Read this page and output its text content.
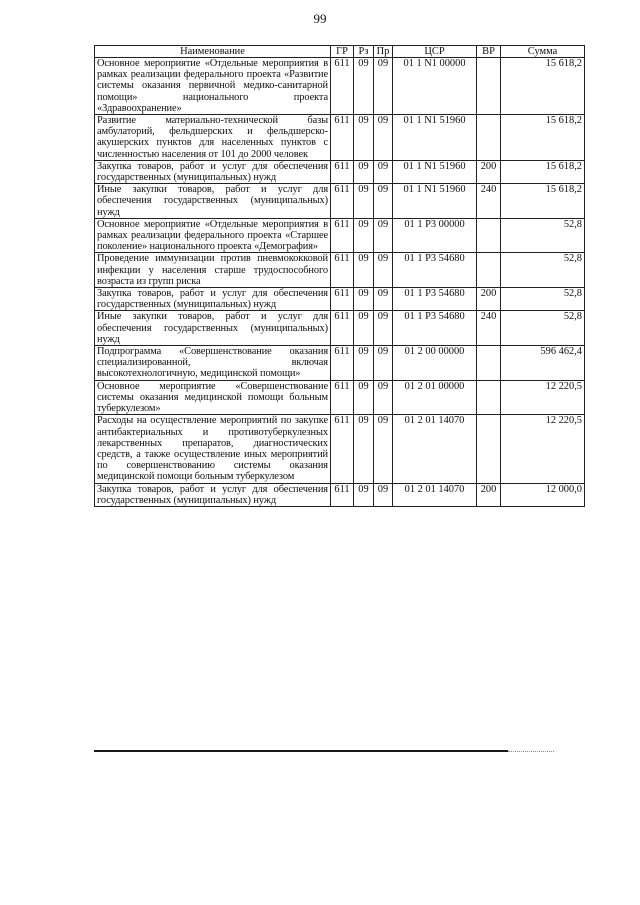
99
Наименование	ГР	Рз	Пр	ЦСР	ВР	Сумма
Основное мероприятие «Отдельные мероприятия в рамках реализации федерального проекта «Развитие системы оказания первичной медико-санитарной помощи» национального проекта «Здравоохранение»	611	09	09	01 1 N1 00000		15 618,2
Развитие материально-технической базы амбулаторий, фельдшерских и фельдшерско-акушерских пунктов для населенных пунктов с численностью населения от 101 до 2000 человек	611	09	09	01 1 N1 51960		15 618,2
Закупка товаров, работ и услуг для обеспечения государственных (муниципальных) нужд	611	09	09	01 1 N1 51960	200	15 618,2
Иные закупки товаров, работ и услуг для обеспечения государственных (муниципальных) нужд	611	09	09	01 1 N1 51960	240	15 618,2
Основное мероприятие «Отдельные мероприятия в рамках реализации федерального проекта «Старшее поколение» национального проекта «Демография»	611	09	09	01 1 P3 00000		52,8
Проведение иммунизации против пневмококковой инфекции у населения старше трудоспособного возраста из групп риска	611	09	09	01 1 P3 54680		52,8
Закупка товаров, работ и услуг для обеспечения государственных (муниципальных) нужд	611	09	09	01 1 P3 54680	200	52,8
Иные закупки товаров, работ и услуг для обеспечения государственных (муниципальных) нужд	611	09	09	01 1 P3 54680	240	52,8
Подпрограмма «Совершенствование оказания специализированной, включая высокотехнологичную, медицинской помощи»	611	09	09	01 2 00 00000		596 462,4
Основное мероприятие «Совершенствование системы оказания медицинской помощи больным туберкулезом»	611	09	09	01 2 01 00000		12 220,5
Расходы на осуществление мероприятий по закупке антибактериальных и противотуберкулезных лекарственных препаратов, диагностических средств, а также осуществление иных мероприятий по совершенствованию системы оказания медицинской помощи больным туберкулезом	611	09	09	01 2 01 14070		12 220,5
Закупка товаров, работ и услуг для обеспечения государственных (муниципальных) нужд	611	09	09	01 2 01 14070	200	12 000,0
